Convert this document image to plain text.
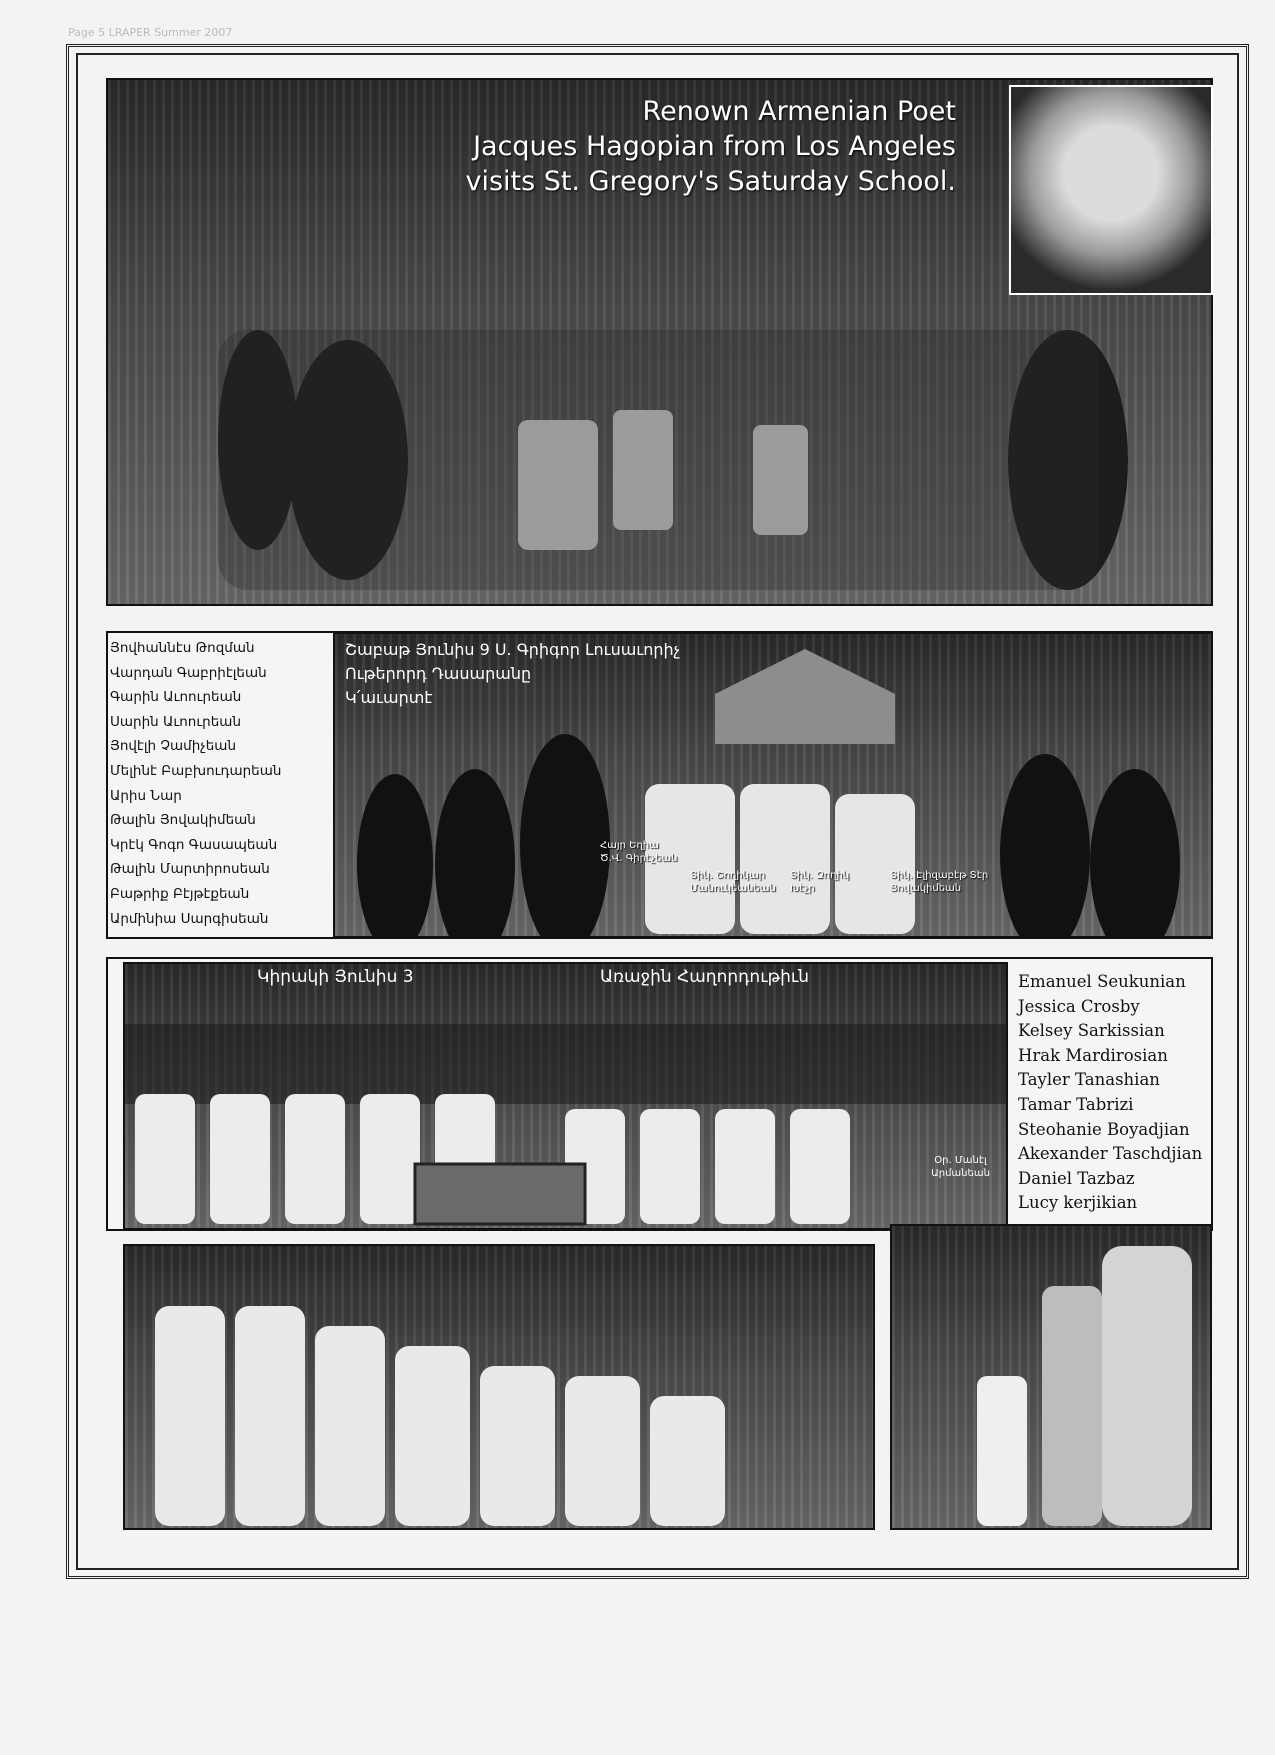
Page 5 LRAPER Summer 2007
Renown Armenian Poet
Jacques Hagopian from Los Angeles
visits St. Gregory's Saturday School.
Յովհաննէս Թոզման
Վարդան Գաբրիէլեան
Գարին Աւոուրեան
Սարին Աւոուրեան
Յովէլի Չամիչեան
Մելինէ Բաբխուդարեան
Արիս Նար
Թալին Յովակիմեան
Կրէկ Գոգո Գասապեան
Թալին Մարտիրոսեան
Բաթրիք Բէյթէքեան
Արմինիա Սարգիսեան
Շաբաթ Յունիս 9 Ս. Գրիգոր Լուսաւորիչ
Ութերորդ Դասարանը
Կ՛աւարտէ
Հայր Եղիա Ծ.Վ. Գիրէչեան
Տիկ. Շողիկար Մանուկեանեան
Տիկ. Զողիկ Խէչր
Տիկ. Էլիզաբէթ Տէր Յովակիմեան
Կիրակի Յունիս 3	Առաջին Հաղորդութիւն
Օր. Մանէլ Արմանեան
Emanuel Seukunian
Jessica Crosby
Kelsey Sarkissian
Hrak Mardirosian
Tayler Tanashian
Tamar Tabrizi
Steohanie Boyadjian
Akexander Taschdjian
Daniel Tazbaz
Lucy kerjikian
